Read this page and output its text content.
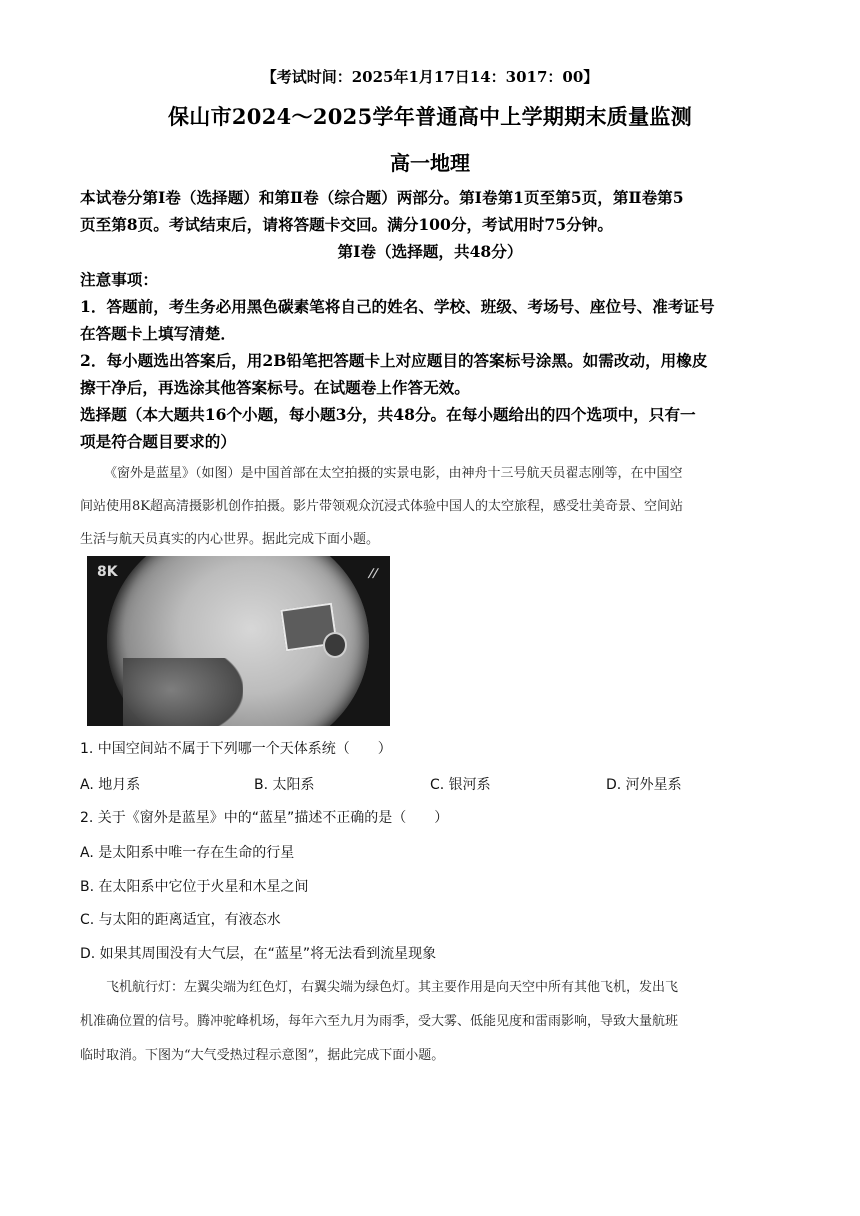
【考试时间：2025年1月17日14：3017：00】
保山市2024～2025学年普通高中上学期期末质量监测
高一地理
本试卷分第Ⅰ卷（选择题）和第Ⅱ卷（综合题）两部分。第Ⅰ卷第1页至第5页，第Ⅱ卷第5
页至第8页。考试结束后，请将答题卡交回。满分100分，考试用时75分钟。
第Ⅰ卷（选择题，共48分）
注意事项：
1．答题前，考生务必用黑色碳素笔将自己的姓名、学校、班级、考场号、座位号、准考证号
在答题卡上填写清楚．
2．每小题选出答案后，用2B铅笔把答题卡上对应题目的答案标号涂黑。如需改动，用橡皮
擦干净后，再选涂其他答案标号。在试题卷上作答无效。
选择题（本大题共16个小题，每小题3分，共48分。在每小题给出的四个选项中，只有一
项是符合题目要求的）
《窗外是蓝星》（如图）是中国首部在太空拍摄的实景电影，由神舟十三号航天员翟志刚等，在中国空
间站使用8K超高清摄影机创作拍摄。影片带领观众沉浸式体验中国人的太空旅程，感受壮美奇景、空间站
生活与航天员真实的内心世界。据此完成下面小题。
8K	//
1. 中国空间站不属于下列哪一个天体系统（　　）
A. 地月系	B. 太阳系	C. 银河系	D. 河外星系
2. 关于《窗外是蓝星》中的“蓝星”描述不正确的是（　　）
A. 是太阳系中唯一存在生命的行星
B. 在太阳系中它位于火星和木星之间
C. 与太阳的距离适宜，有液态水
D. 如果其周围没有大气层，在“蓝星”将无法看到流星现象
飞机航行灯：左翼尖端为红色灯，右翼尖端为绿色灯。其主要作用是向天空中所有其他飞机，发出飞
机准确位置的信号。腾冲驼峰机场，每年六至九月为雨季，受大雾、低能见度和雷雨影响，导致大量航班
临时取消。下图为“大气受热过程示意图”，据此完成下面小题。
